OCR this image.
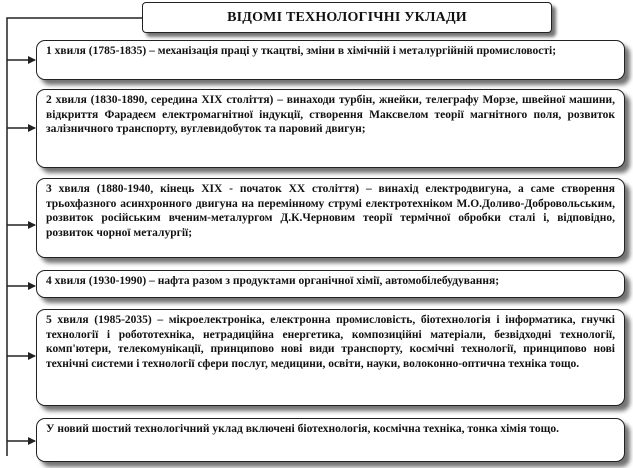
ВІДОМІ ТЕХНОЛОГІЧНІ УКЛАДИ
1 хвиля (1785-1835) – механізація праці у ткацтві, зміни в хімічній і металургійній промисловості;
2 хвиля (1830-1890, середина ХІХ століття) – винаходи турбін, жнейки, телеграфу Морзе, швейної машини, відкриття Фарадеєм електромагнітної індукції, створення Максвелом теорії магнітного поля, розвиток залізничного транспорту, вуглевидобуток та паровий двигун;
3 хвиля (1880-1940, кінець ХІХ - початок ХХ століття) – винахід електродвигуна, а саме створення трьохфазного асинхронного двигуна на перемінному струмі електротехніком М.О.Доливо-Добровольським, розвиток російським вченим-металургом Д.К.Черновим теорії термічної обробки сталі і, відповідно, розвиток чорної металургії;
4 хвиля (1930-1990) – нафта разом з продуктами органічної хімії, автомобілебудування;
5 хвиля (1985-2035) – мікроелектроніка, електронна промисловість, біотехнологія і інформатика, гнучкі технології і робототехніка, нетрадиційна енергетика, композиційні матеріали, безвідходні технології, комп'ютери, телекомунікації, принципово нові види транспорту, космічні технології, принципово нові технічні системи і технології сфери послуг, медицини, освіти, науки, волоконно-оптична техніка тощо.
У новий шостий технологічний уклад включені біотехнологія, космічна техніка, тонка хімія тощо.
